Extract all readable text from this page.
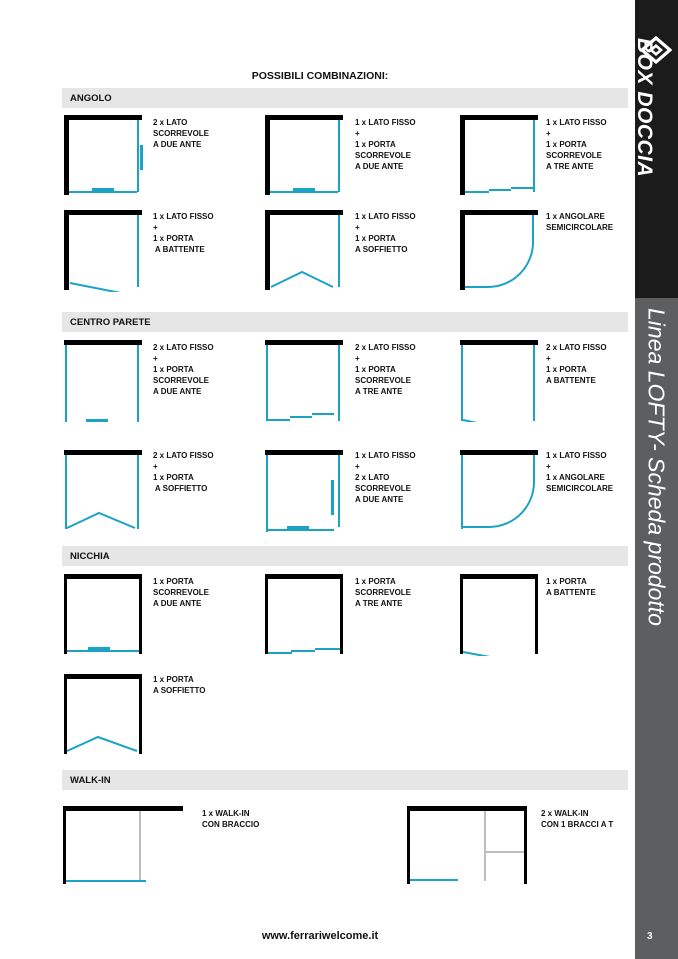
BOX DOCCIA
Linea LOFTY- Scheda prodotto
3
POSSIBILI COMBINAZIONI:
ANGOLO
2 x LATO
SCORREVOLE
A DUE ANTE
1 x LATO FISSO
+
1 x PORTA
SCORREVOLE
A DUE ANTE
1 x LATO FISSO
+
1 x PORTA
SCORREVOLE
A TRE ANTE
1 x LATO FISSO
+
1 x PORTA
A BATTENTE
1 x LATO FISSO
+
1 x PORTA
A SOFFIETTO
1 x ANGOLARE
SEMICIRCOLARE
CENTRO PARETE
2 x LATO FISSO
+
1 x PORTA
SCORREVOLE
A DUE ANTE
2 x LATO FISSO
+
1 x PORTA
SCORREVOLE
A TRE ANTE
2 x LATO FISSO
+
1 x PORTA
A BATTENTE
2 x LATO FISSO
+
1 x PORTA
A SOFFIETTO
1 x LATO FISSO
+
2 x LATO
SCORREVOLE
A DUE ANTE
1 x LATO FISSO
+
1 x ANGOLARE
SEMICIRCOLARE
NICCHIA
1 x PORTA
SCORREVOLE
A DUE ANTE
1 x PORTA
SCORREVOLE
A TRE ANTE
1 x PORTA
A BATTENTE
1 x PORTA
A SOFFIETTO
WALK-IN
1 x WALK-IN
CON BRACCIO
2 x WALK-IN
CON 1 BRACCI A T
www.ferrariwelcome.it
